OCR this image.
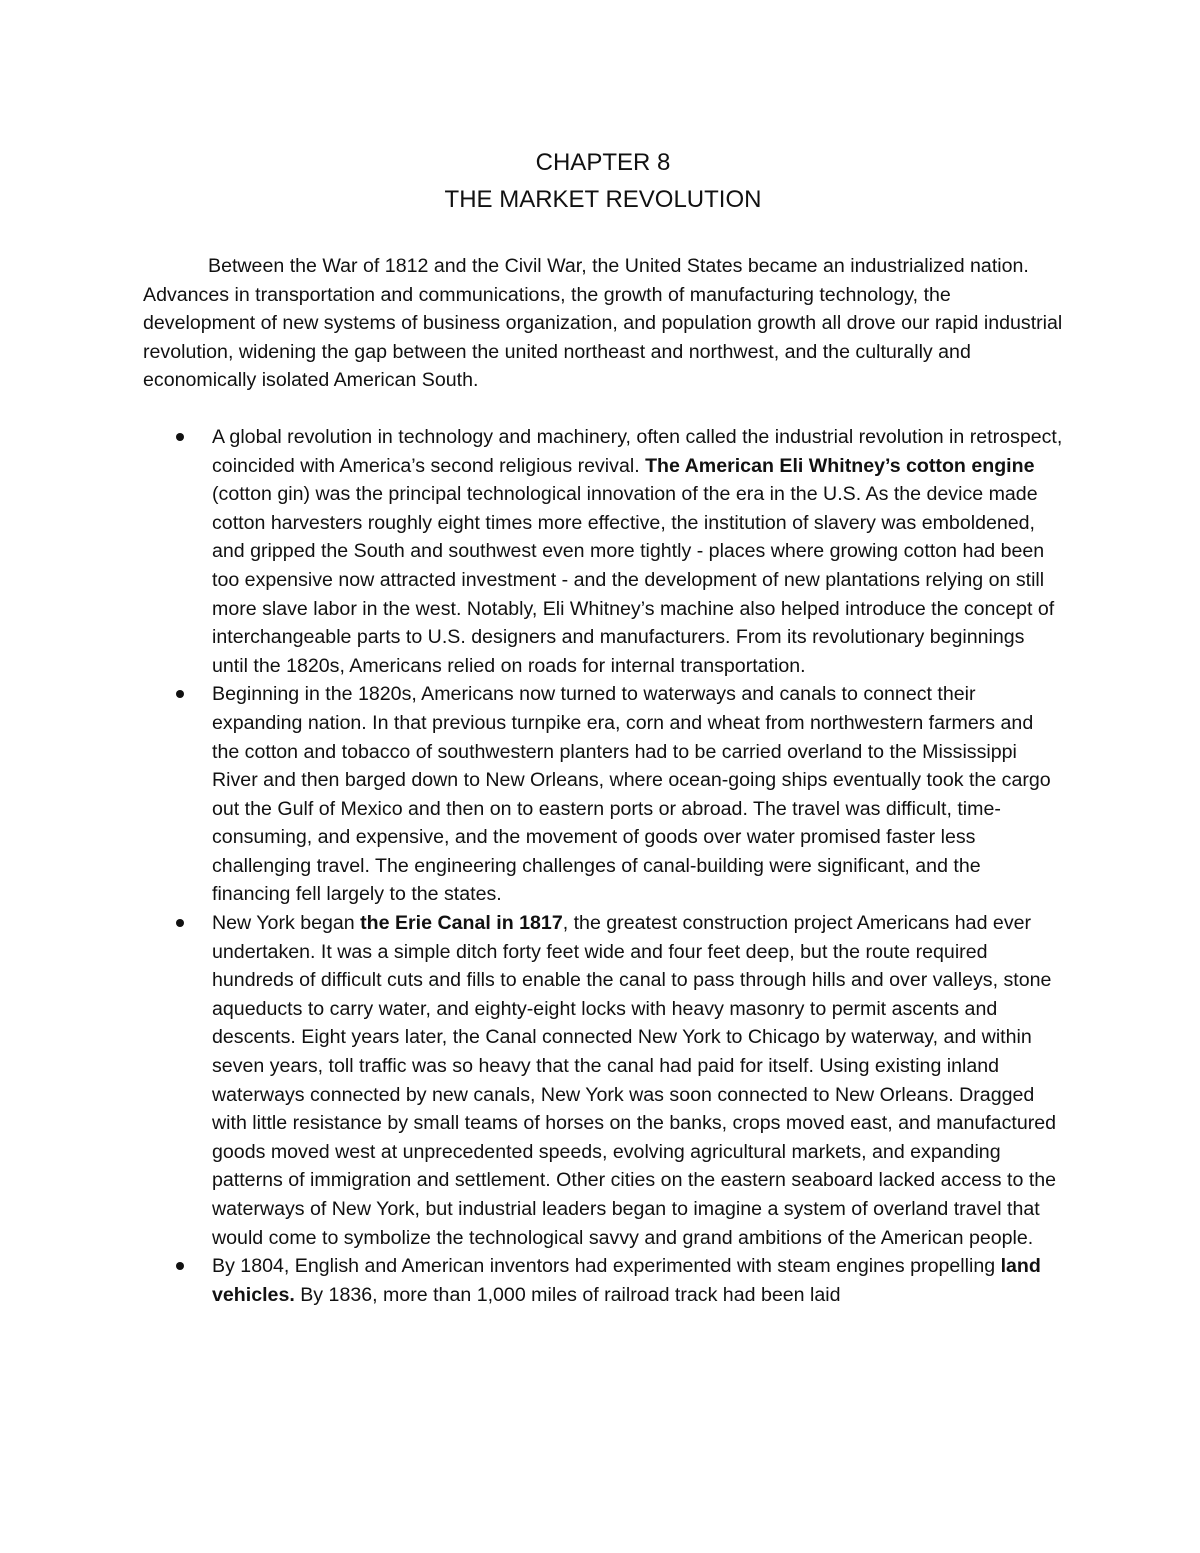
CHAPTER 8
THE MARKET REVOLUTION

Between the War of 1812 and the Civil War, the United States became an industrialized nation. Advances in transportation and communications, the growth of manufacturing technology, the development of new systems of business organization, and population growth all drove our rapid industrial revolution, widening the gap between the united northeast and northwest, and the culturally and economically isolated American South.

A global revolution in technology and machinery, often called the industrial revolution in retrospect, coincided with America’s second religious revival. The American Eli Whitney’s cotton engine (cotton gin) was the principal technological innovation of the era in the U.S. As the device made cotton harvesters roughly eight times more effective, the institution of slavery was emboldened, and gripped the South and southwest even more tightly - places where growing cotton had been too expensive now attracted investment - and the development of new plantations relying on still more slave labor in the west. Notably, Eli Whitney’s machine also helped introduce the concept of interchangeable parts to U.S. designers and manufacturers. From its revolutionary beginnings until the 1820s, Americans relied on roads for internal transportation.
Beginning in the 1820s, Americans now turned to waterways and canals to connect their expanding nation. In that previous turnpike era, corn and wheat from northwestern farmers and the cotton and tobacco of southwestern planters had to be carried overland to the Mississippi River and then barged down to New Orleans, where ocean-going ships eventually took the cargo out the Gulf of Mexico and then on to eastern ports or abroad. The travel was difficult, time-consuming, and expensive, and the movement of goods over water promised faster less challenging travel. The engineering challenges of canal-building were significant, and the financing fell largely to the states.
New York began the Erie Canal in 1817, the greatest construction project Americans had ever undertaken. It was a simple ditch forty feet wide and four feet deep, but the route required hundreds of difficult cuts and fills to enable the canal to pass through hills and over valleys, stone aqueducts to carry water, and eighty-eight locks with heavy masonry to permit ascents and descents. Eight years later, the Canal connected New York to Chicago by waterway, and within seven years, toll traffic was so heavy that the canal had paid for itself. Using existing inland waterways connected by new canals, New York was soon connected to New Orleans. Dragged with little resistance by small teams of horses on the banks, crops moved east, and manufactured goods moved west at unprecedented speeds, evolving agricultural markets, and expanding patterns of immigration and settlement. Other cities on the eastern seaboard lacked access to the waterways of New York, but industrial leaders began to imagine a system of overland travel that would come to symbolize the technological savvy and grand ambitions of the American people.
By 1804, English and American inventors had experimented with steam engines propelling land vehicles. By 1836, more than 1,000 miles of railroad track had been laid
